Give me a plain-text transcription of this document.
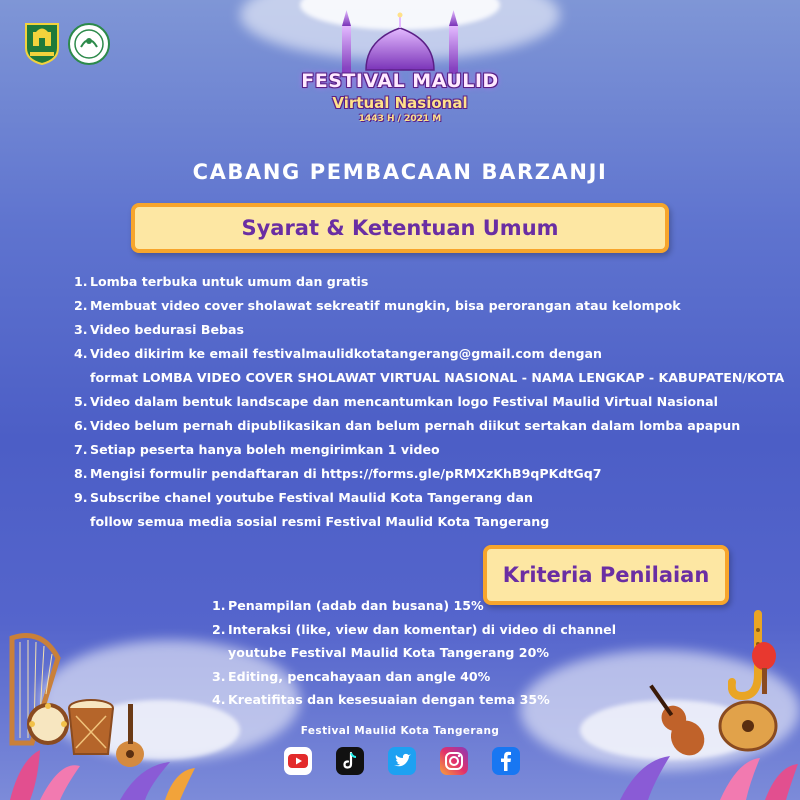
FESTIVAL MAULID
Virtual Nasional
1443 H / 2021 M
CABANG PEMBACAAN BARZANJI
Syarat & Ketentuan Umum
1. Lomba terbuka untuk umum dan gratis
2. Membuat video cover sholawat sekreatif mungkin, bisa perorangan atau kelompok
3. Video bedurasi Bebas
4. Video dikirim ke email festivalmaulidkotatangerang@gmail.com dengan
format LOMBA VIDEO COVER SHOLAWAT VIRTUAL NASIONAL - NAMA LENGKAP - KABUPATEN/KOTA
5. Video dalam bentuk landscape dan mencantumkan logo Festival Maulid Virtual Nasional
6. Video belum pernah dipublikasikan dan belum pernah diikut sertakan dalam lomba apapun
7. Setiap peserta hanya boleh mengirimkan 1 video
8. Mengisi formulir pendaftaran di https://forms.gle/pRMXzKhB9qPKdtGq7
9. Subscribe chanel youtube Festival Maulid Kota Tangerang dan
follow semua media sosial resmi Festival Maulid Kota Tangerang
Kriteria Penilaian
1. Penampilan (adab dan busana) 15%
2. Interaksi (like, view dan komentar) di video di channel
youtube Festival Maulid Kota Tangerang 20%
3. Editing, pencahayaan dan angle 40%
4. Kreatifitas dan kesesuaian dengan tema 35%
Festival Maulid Kota Tangerang
